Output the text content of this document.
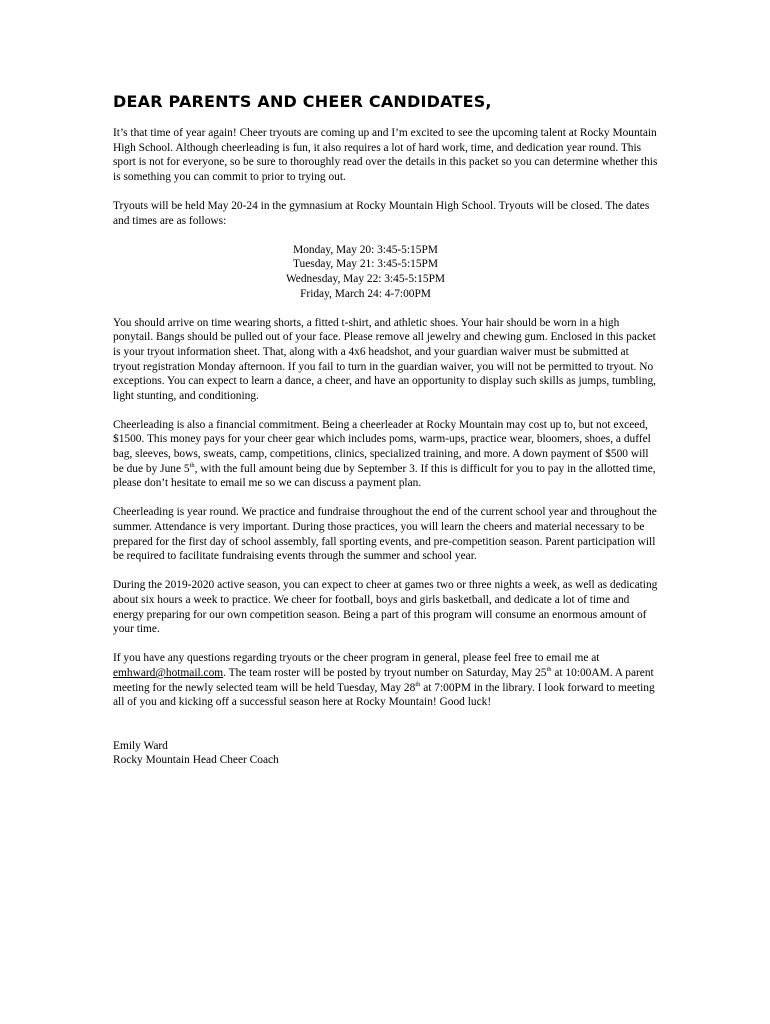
DEAR PARENTS AND CHEER CANDIDATES,

It’s that time of year again! Cheer tryouts are coming up and I’m excited to see the upcoming talent at Rocky Mountain High School. Although cheerleading is fun, it also requires a lot of hard work, time, and dedication year round. This sport is not for everyone, so be sure to thoroughly read over the details in this packet so you can determine whether this is something you can commit to prior to trying out.

Tryouts will be held May 20-24 in the gymnasium at Rocky Mountain High School. Tryouts will be closed. The dates and times are as follows:

Monday, May 20: 3:45-5:15PM
Tuesday, May 21: 3:45-5:15PM
Wednesday, May 22: 3:45-5:15PM
Friday, March 24: 4-7:00PM

You should arrive on time wearing shorts, a fitted t-shirt, and athletic shoes. Your hair should be worn in a high ponytail. Bangs should be pulled out of your face. Please remove all jewelry and chewing gum. Enclosed in this packet is your tryout information sheet. That, along with a 4x6 headshot, and your guardian waiver must be submitted at tryout registration Monday afternoon. If you fail to turn in the guardian waiver, you will not be permitted to tryout. No exceptions. You can expect to learn a dance, a cheer, and have an opportunity to display such skills as jumps, tumbling, light stunting, and conditioning.

Cheerleading is also a financial commitment. Being a cheerleader at Rocky Mountain may cost up to, but not exceed, $1500. This money pays for your cheer gear which includes poms, warm-ups, practice wear, bloomers, shoes, a duffel bag, sleeves, bows, sweats, camp, competitions, clinics, specialized training, and more. A down payment of $500 will be due by June 5th, with the full amount being due by September 3. If this is difficult for you to pay in the allotted time, please don’t hesitate to email me so we can discuss a payment plan.

Cheerleading is year round. We practice and fundraise throughout the end of the current school year and throughout the summer. Attendance is very important. During those practices, you will learn the cheers and material necessary to be prepared for the first day of school assembly, fall sporting events, and pre-competition season. Parent participation will be required to facilitate fundraising events through the summer and school year.

During the 2019-2020 active season, you can expect to cheer at games two or three nights a week, as well as dedicating about six hours a week to practice. We cheer for football, boys and girls basketball, and dedicate a lot of time and energy preparing for our own competition season. Being a part of this program will consume an enormous amount of your time.

If you have any questions regarding tryouts or the cheer program in general, please feel free to email me at emhward@hotmail.com. The team roster will be posted by tryout number on Saturday, May 25th at 10:00AM. A parent meeting for the newly selected team will be held Tuesday, May 28th at 7:00PM in the library. I look forward to meeting all of you and kicking off a successful season here at Rocky Mountain! Good luck!

Emily Ward
Rocky Mountain Head Cheer Coach
